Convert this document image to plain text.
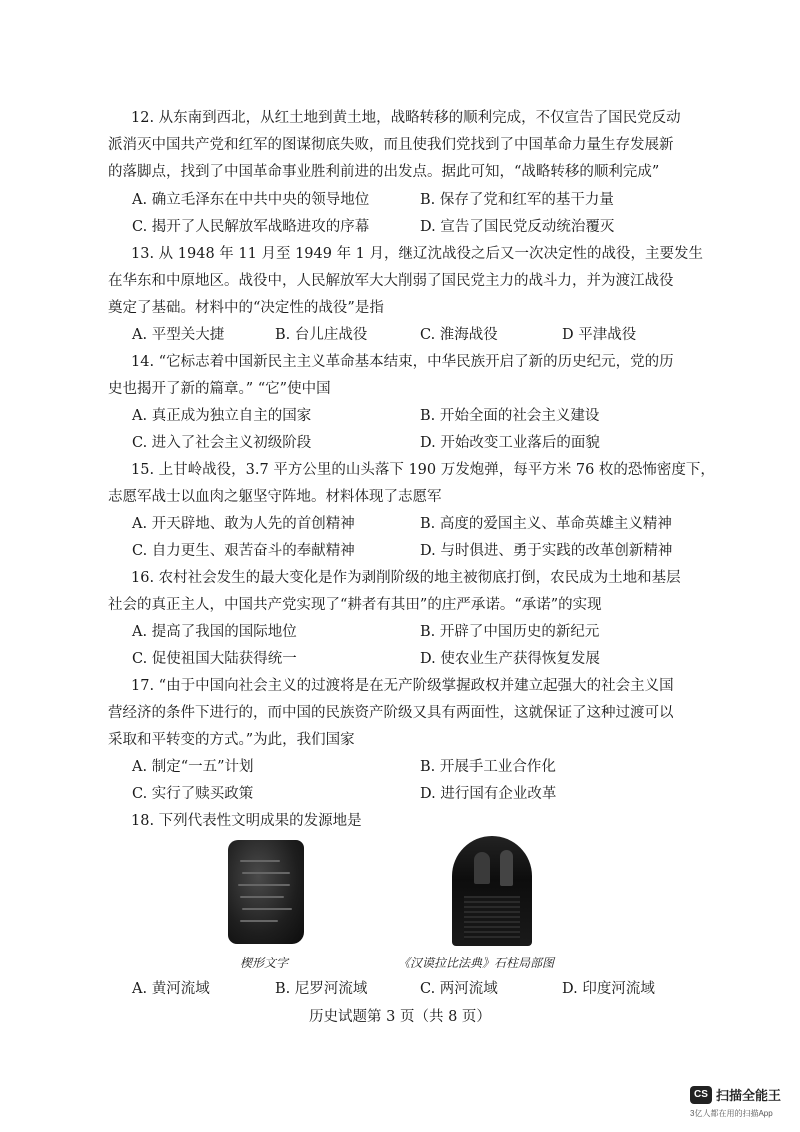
12. 从东南到西北，从红土地到黄土地，战略转移的顺利完成，不仅宣告了国民党反动
派消灭中国共产党和红军的图谋彻底失败，而且使我们党找到了中国革命力量生存发展新
的落脚点，找到了中国革命事业胜利前进的出发点。据此可知，“战略转移的顺利完成”
A. 确立毛泽东在中共中央的领导地位	B. 保存了党和红军的基干力量
C. 揭开了人民解放军战略进攻的序幕	D. 宣告了国民党反动统治覆灭
13. 从 1948 年 11 月至 1949 年 1 月，继辽沈战役之后又一次决定性的战役，主要发生
在华东和中原地区。战役中，人民解放军大大削弱了国民党主力的战斗力，并为渡江战役
奠定了基础。材料中的“决定性的战役”是指
A. 平型关大捷	B. 台儿庄战役	C. 淮海战役	D 平津战役
14. “它标志着中国新民主主义革命基本结束，中华民族开启了新的历史纪元，党的历
史也揭开了新的篇章。” “它”使中国
A. 真正成为独立自主的国家	B. 开始全面的社会主义建设
C. 进入了社会主义初级阶段	D. 开始改变工业落后的面貌
15. 上甘岭战役，3.7 平方公里的山头落下 190 万发炮弹，每平方米 76 枚的恐怖密度下，
志愿军战士以血肉之躯坚守阵地。材料体现了志愿军
A. 开天辟地、敢为人先的首创精神	B. 高度的爱国主义、革命英雄主义精神
C. 自力更生、艰苦奋斗的奉献精神	D. 与时俱进、勇于实践的改革创新精神
16. 农村社会发生的最大变化是作为剥削阶级的地主被彻底打倒，农民成为土地和基层
社会的真正主人，中国共产党实现了“耕者有其田”的庄严承诺。“承诺”的实现
A. 提高了我国的国际地位	B. 开辟了中国历史的新纪元
C. 促使祖国大陆获得统一	D. 使农业生产获得恢复发展
17. “由于中国向社会主义的过渡将是在无产阶级掌握政权并建立起强大的社会主义国
营经济的条件下进行的，而中国的民族资产阶级又具有两面性，这就保证了这种过渡可以
采取和平转变的方式。”为此，我们国家
A. 制定“一五”计划	B. 开展手工业合作化
C. 实行了赎买政策	D. 进行国有企业改革
18. 下列代表性文明成果的发源地是
楔形文字	《汉谟拉比法典》石柱局部图
A. 黄河流域	B. 尼罗河流域	C. 两河流域	D. 印度河流域
历史试题第 3 页（共 8 页）
CS 扫描全能王
3亿人都在用的扫描App
